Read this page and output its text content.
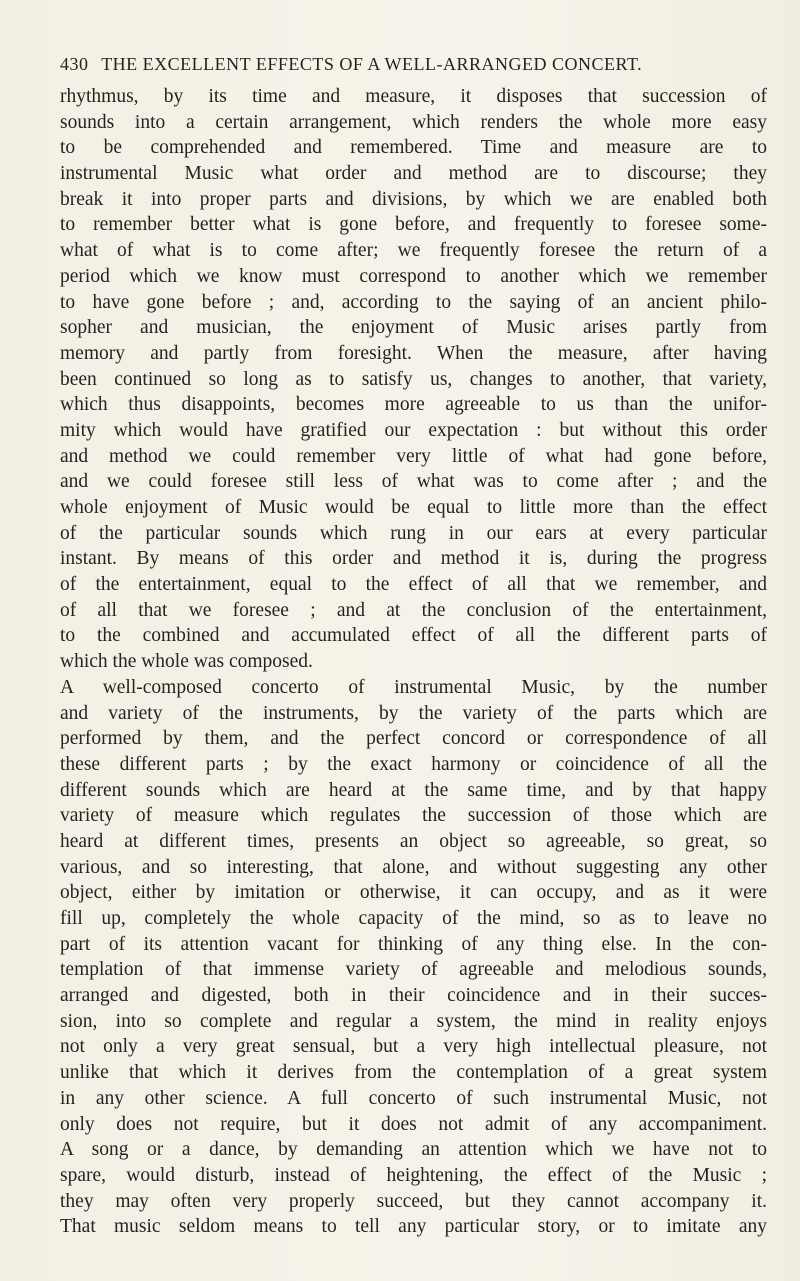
430 THE EXCELLENT EFFECTS OF A WELL-ARRANGED CONCERT.
rhythmus, by its time and measure, it disposes that succession of
sounds into a certain arrangement, which renders the whole more easy
to be comprehended and remembered. Time and measure are to
instrumental Music what order and method are to discourse; they
break it into proper parts and divisions, by which we are enabled both
to remember better what is gone before, and frequently to foresee some-
what of what is to come after; we frequently foresee the return of a
period which we know must correspond to another which we remember
to have gone before ; and, according to the saying of an ancient philo-
sopher and musician, the enjoyment of Music arises partly from
memory and partly from foresight. When the measure, after having
been continued so long as to satisfy us, changes to another, that variety,
which thus disappoints, becomes more agreeable to us than the unifor-
mity which would have gratified our expectation : but without this order
and method we could remember very little of what had gone before,
and we could foresee still less of what was to come after ; and the
whole enjoyment of Music would be equal to little more than the effect
of the particular sounds which rung in our ears at every particular
instant. By means of this order and method it is, during the progress
of the entertainment, equal to the effect of all that we remember, and
of all that we foresee ; and at the conclusion of the entertainment,
to the combined and accumulated effect of all the different parts of
which the whole was composed.
A well-composed concerto of instrumental Music, by the number
and variety of the instruments, by the variety of the parts which are
performed by them, and the perfect concord or correspondence of all
these different parts ; by the exact harmony or coincidence of all the
different sounds which are heard at the same time, and by that happy
variety of measure which regulates the succession of those which are
heard at different times, presents an object so agreeable, so great, so
various, and so interesting, that alone, and without suggesting any other
object, either by imitation or otherwise, it can occupy, and as it were
fill up, completely the whole capacity of the mind, so as to leave no
part of its attention vacant for thinking of any thing else. In the con-
templation of that immense variety of agreeable and melodious sounds,
arranged and digested, both in their coincidence and in their succes-
sion, into so complete and regular a system, the mind in reality enjoys
not only a very great sensual, but a very high intellectual pleasure, not
unlike that which it derives from the contemplation of a great system
in any other science. A full concerto of such instrumental Music, not
only does not require, but it does not admit of any accompaniment.
A song or a dance, by demanding an attention which we have not to
spare, would disturb, instead of heightening, the effect of the Music ;
they may often very properly succeed, but they cannot accompany it.
That music seldom means to tell any particular story, or to imitate any
